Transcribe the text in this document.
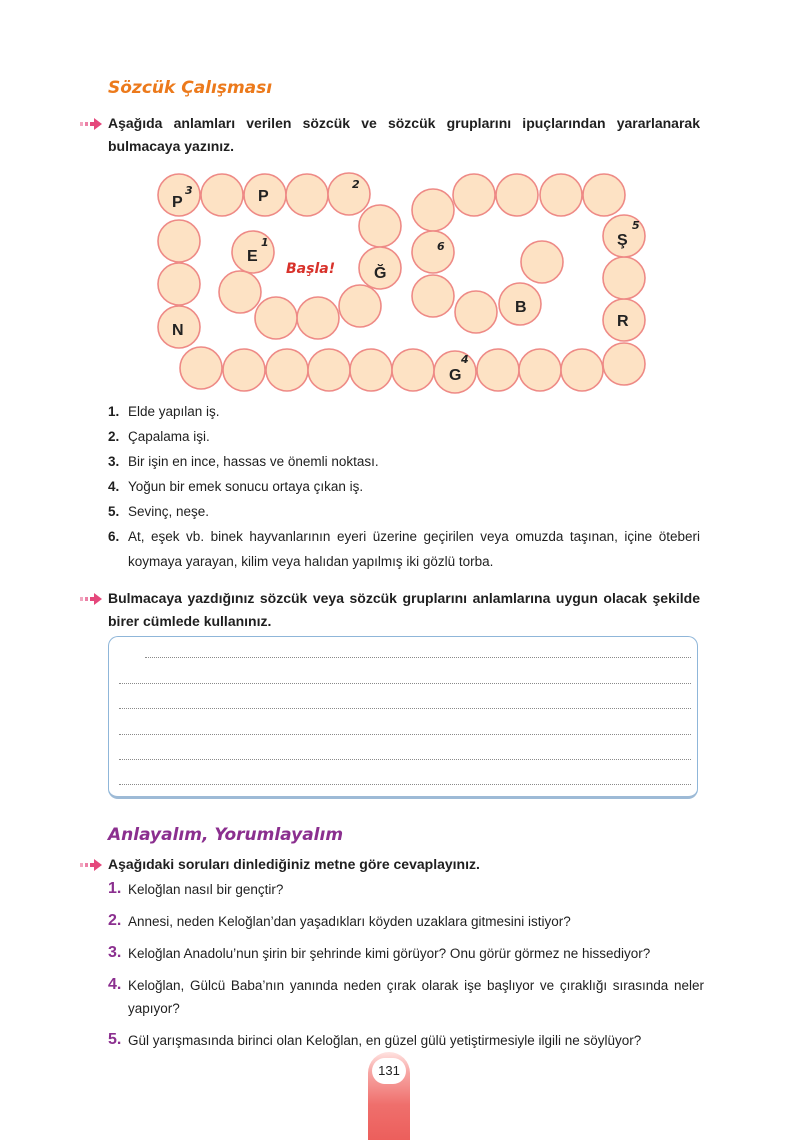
Sözcük Çalışması
Aşağıda anlamları verilen sözcük ve sözcük gruplarını ipuçlarından yararlanarak bulmacaya yazınız.
P
3	P
2
E
1
Başla! Ğ
N
G
4
6
B
Ş
5
R
1. Elde yapılan iş.
2. Çapalama işi.
3. Bir işin en ince, hassas ve önemli noktası.
4. Yoğun bir emek sonucu ortaya çıkan iş.
5. Sevinç, neşe.
6. At, eşek vb. binek hayvanlarının eyeri üzerine geçirilen veya omuzda taşınan, içine öteberi koymaya yarayan, kilim veya halıdan yapılmış iki gözlü torba.
Bulmacaya yazdığınız sözcük veya sözcük gruplarını anlamlarına uygun olacak şekilde birer cümlede kullanınız.
Anlayalım, Yorumlayalım
Aşağıdaki soruları dinlediğiniz metne göre cevaplayınız.
1. Keloğlan nasıl bir gençtir?
2. Annesi, neden Keloğlan’dan yaşadıkları köyden uzaklara gitmesini istiyor?
3. Keloğlan Anadolu’nun şirin bir şehrinde kimi görüyor? Onu görür görmez ne hissediyor?
4. Keloğlan, Gülcü Baba’nın yanında neden çırak olarak işe başlıyor ve çıraklığı sırasında neler yapıyor?
5. Gül yarışmasında birinci olan Keloğlan, en güzel gülü yetiştirmesiyle ilgili ne söylüyor?
131
